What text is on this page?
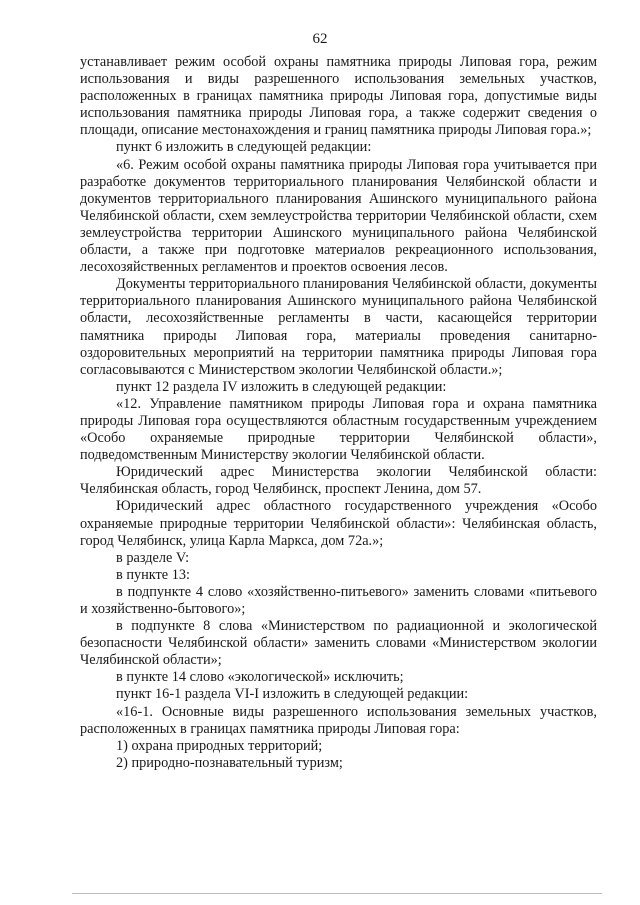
62

устанавливает режим особой охраны памятника природы Липовая гора, режим использования и виды разрешенного использования земельных участков, расположенных в границах памятника природы Липовая гора, допустимые виды использования памятника природы Липовая гора, а также содержит сведения о площади, описание местонахождения и границ памятника природы Липовая гора.»;

пункт 6 изложить в следующей редакции:

«6. Режим особой охраны памятника природы Липовая гора учитывается при разработке документов территориального планирования Челябинской области и документов территориального планирования Ашинского муниципального района Челябинской области, схем землеустройства территории Челябинской области, схем землеустройства территории Ашинского муниципального района Челябинской области, а также при подготовке материалов рекреационного использования, лесохозяйственных регламентов и проектов освоения лесов.

Документы территориального планирования Челябинской области, документы территориального планирования Ашинского муниципального района Челябинской области, лесохозяйственные регламенты в части, касающейся территории памятника природы Липовая гора, материалы проведения санитарно-оздоровительных мероприятий на территории памятника природы Липовая гора согласовываются с Министерством экологии Челябинской области.»;

пункт 12 раздела IV изложить в следующей редакции:

«12. Управление памятником природы Липовая гора и охрана памятника природы Липовая гора осуществляются областным государственным учреждением «Особо охраняемые природные территории Челябинской области», подведомственным Министерству экологии Челябинской области.

Юридический адрес Министерства экологии Челябинской области: Челябинская область, город Челябинск, проспект Ленина, дом 57.

Юридический адрес областного государственного учреждения «Особо охраняемые природные территории Челябинской области»: Челябинская область, город Челябинск, улица Карла Маркса, дом 72а.»;

в разделе V:

в пункте 13:

в подпункте 4 слово «хозяйственно-питьевого» заменить словами «питьевого и хозяйственно-бытового»;

в подпункте 8 слова «Министерством по радиационной и экологической безопасности Челябинской области» заменить словами «Министерством экологии Челябинской области»;

в пункте 14 слово «экологической» исключить;

пункт 16-1 раздела VI-I изложить в следующей редакции:

«16-1. Основные виды разрешенного использования земельных участков, расположенных в границах памятника природы Липовая гора:

1) охрана природных территорий;

2) природно-познавательный туризм;
